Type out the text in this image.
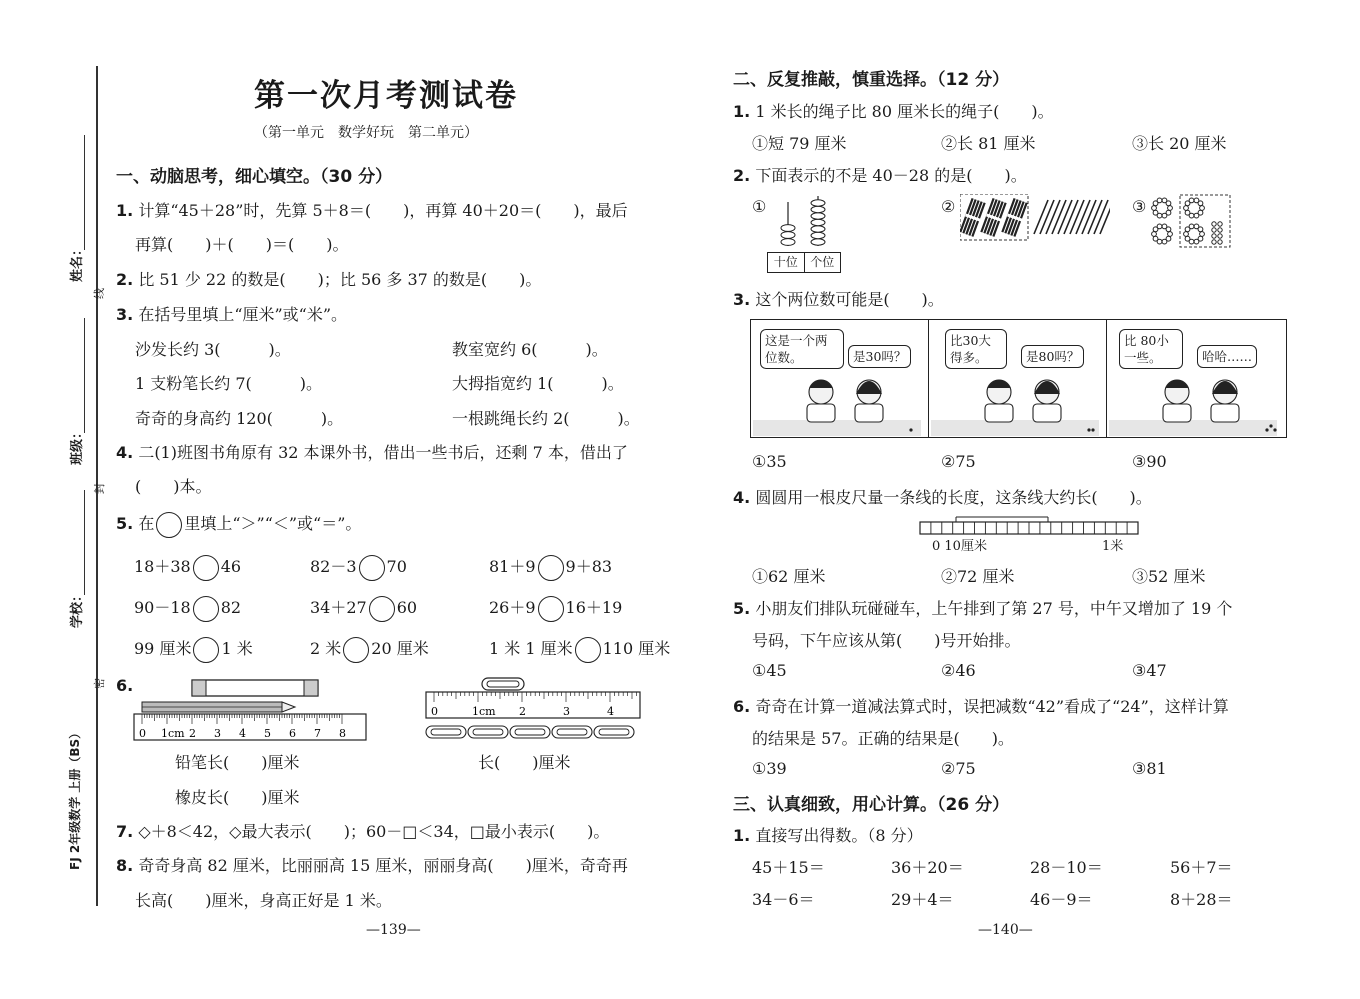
姓名：
班级：
学校：
FJ 2年级数学 上册（BS）
线
封
密
第一次月考测试卷
（第一单元　数学好玩　第二单元）
一、动脑思考，细心填空。（30 分）
1. 计算“45＋28”时，先算 5＋8＝(　　)，再算 40＋20＝(　　)，最后
再算(　　)＋(　　)＝(　　)。
2. 比 51 少 22 的数是(　　)；比 56 多 37 的数是(　　)。
3. 在括号里填上“厘米”或“米”。
沙发长约 3(　　　)。	教室宽约 6(　　　)。
1 支粉笔长约 7(　　　)。	大拇指宽约 1(　　　)。
奇奇的身高约 120(　　　)。	一根跳绳长约 2(　　　)。
4. 二(1)班图书角原有 32 本课外书，借出一些书后，还剩 7 本，借出了
(　　)本。
5. 在 里填上“＞”“＜”或“＝”。
18＋38 46	82－3 70	81＋9 9＋83
90－18 82	34＋27 60	26＋9 16＋19
99 厘米 1 米	2 米 20 厘米	1 米 1 厘米 110 厘米
6.
0 1cm 2 3 4 5 6 7 8
0	1cm 2	3	4
铅笔长(　　)厘米
橡皮长(　　)厘米
长(　　)厘米
7. ◇＋8＜42，◇最大表示(　　)；60－□＜34，□最小表示(　　)。
8. 奇奇身高 82 厘米，比丽丽高 15 厘米，丽丽身高(　　)厘米，奇奇再
长高(　　)厘米，身高正好是 1 米。
—139—
二、反复推敲，慎重选择。（12 分）
1. 1 米长的绳子比 80 厘米长的绳子(　　)。
①短 79 厘米	②长 81 厘米	③长 20 厘米
2. 下面表示的不是 40－28 的是(　　)。
①	②	③
十位	个位
3. 这个两位数可能是(　　)。
这是一个两位数。	是30吗？
比30大得多。	是80吗？
比 80小一些。	哈哈……
①35	②75	③90
4. 圆圆用一根皮尺量一条线的长度，这条线大约长(　　)。
0 10厘米	1米
①62 厘米	②72 厘米	③52 厘米
5. 小朋友们排队玩碰碰车，上午排到了第 27 号，中午又增加了 19 个
号码，下午应该从第(　　)号开始排。
①45	②46	③47
6. 奇奇在计算一道减法算式时，误把减数“42”看成了“24”，这样计算
的结果是 57。正确的结果是(　　)。
①39	②75	③81
三、认真细致，用心计算。（26 分）
1. 直接写出得数。（8 分）
45＋15＝	36＋20＝	28－10＝	56＋7＝
34－6＝	29＋4＝	46－9＝	8＋28＝
—140—
